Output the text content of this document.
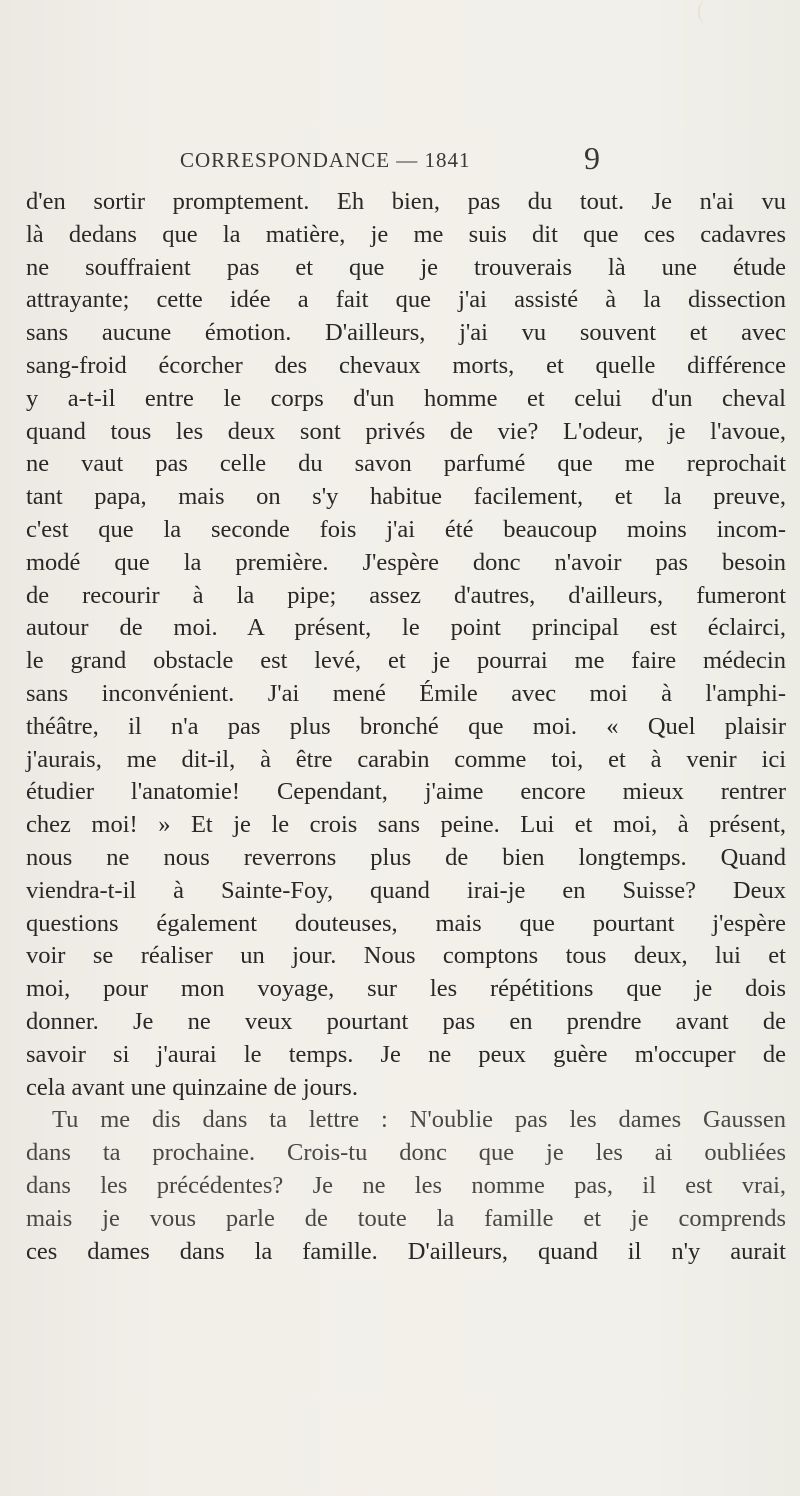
CORRESPONDANCE — 1841	9
d'en sortir promptement. Eh bien, pas du tout. Je n'ai vu
là dedans que la matière, je me suis dit que ces cadavres
ne souffraient pas et que je trouverais là une étude
attrayante; cette idée a fait que j'ai assisté à la dissection
sans aucune émotion. D'ailleurs, j'ai vu souvent et avec
sang-froid écorcher des chevaux morts, et quelle différence
y a-t-il entre le corps d'un homme et celui d'un cheval
quand tous les deux sont privés de vie? L'odeur, je l'avoue,
ne vaut pas celle du savon parfumé que me reprochait
tant papa, mais on s'y habitue facilement, et la preuve,
c'est que la seconde fois j'ai été beaucoup moins incom-
modé que la première. J'espère donc n'avoir pas besoin
de recourir à la pipe; assez d'autres, d'ailleurs, fumeront
autour de moi. A présent, le point principal est éclairci,
le grand obstacle est levé, et je pourrai me faire médecin
sans inconvénient. J'ai mené Émile avec moi à l'amphi-
théâtre, il n'a pas plus bronché que moi. « Quel plaisir
j'aurais, me dit-il, à être carabin comme toi, et à venir ici
étudier l'anatomie! Cependant, j'aime encore mieux rentrer
chez moi! » Et je le crois sans peine. Lui et moi, à présent,
nous ne nous reverrons plus de bien longtemps. Quand
viendra-t-il à Sainte-Foy, quand irai-je en Suisse? Deux
questions également douteuses, mais que pourtant j'espère
voir se réaliser un jour. Nous comptons tous deux, lui et
moi, pour mon voyage, sur les répétitions que je dois
donner. Je ne veux pourtant pas en prendre avant de
savoir si j'aurai le temps. Je ne peux guère m'occuper de
cela avant une quinzaine de jours.
Tu me dis dans ta lettre : N'oublie pas les dames Gaussen
dans ta prochaine. Crois-tu donc que je les ai oubliées
dans les précédentes? Je ne les nomme pas, il est vrai,
mais je vous parle de toute la famille et je comprends
ces dames dans la famille. D'ailleurs, quand il n'y aurait
